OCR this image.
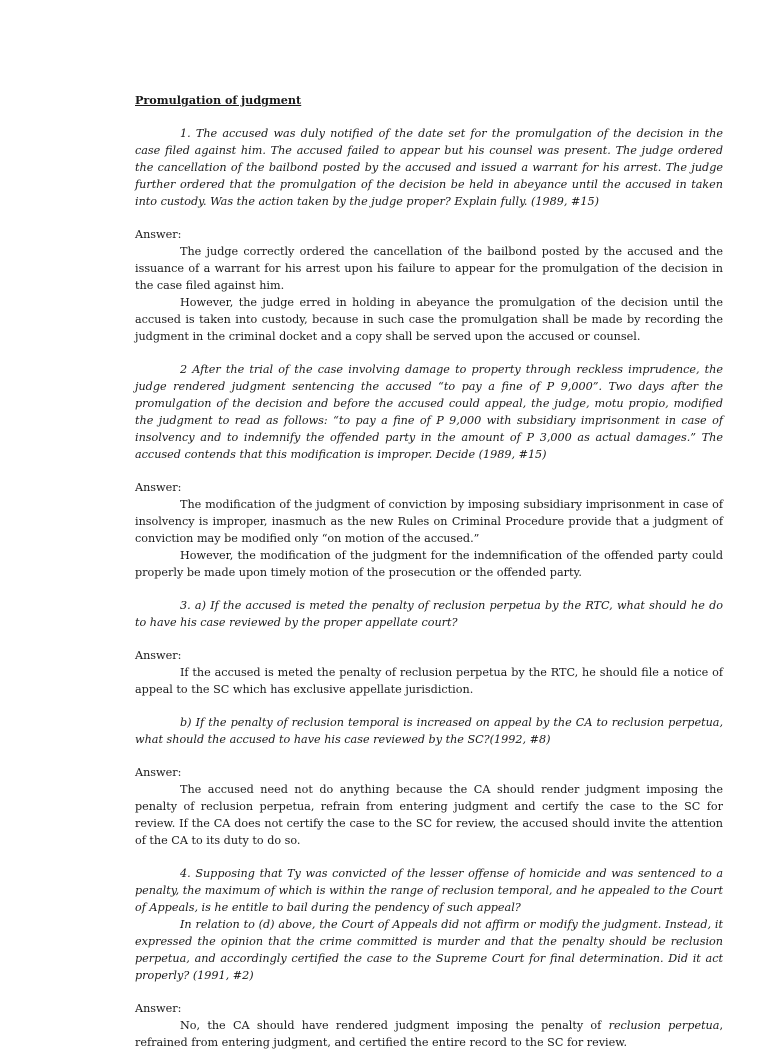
Promulgation of judgment

1. The accused was duly notified of the date set for the promulgation of the decision in the case filed against him. The accused failed to appear but his counsel was present. The judge ordered the cancellation of the bailbond posted by the accused and issued a warrant for his arrest. The judge further ordered that the promulgation of the decision be held in abeyance until the accused in taken into custody. Was the action taken by the judge proper? Explain fully. (1989, #15)

Answer:

The judge correctly ordered the cancellation of the bailbond posted by the accused and the issuance of a warrant for his arrest upon his failure to appear for the promulgation of the decision in the case filed against him.

However, the judge erred in holding in abeyance the promulgation of the decision until the accused is taken into custody, because in such case the promulgation shall be made by recording the judgment in the criminal docket and a copy shall be served upon the accused or counsel.

2 After the trial of the case involving damage to property through reckless imprudence, the judge rendered judgment sentencing the accused “to pay a fine of P 9,000”. Two days after the promulgation of the decision and before the accused could appeal, the judge, motu propio, modified the judgment to read as follows: “to pay a fine of P 9,000 with subsidiary imprisonment in case of insolvency and to indemnify the offended party in the amount of P 3,000 as actual damages.” The accused contends that this modification is improper. Decide (1989, #15)

Answer:

The modification of the judgment of conviction by imposing subsidiary imprisonment in case of insolvency is improper, inasmuch as the new Rules on Criminal Procedure provide that a judgment of conviction may be modified only “on motion of the accused.”

However, the modification of the judgment for the indemnification of the offended party could properly be made upon timely motion of the prosecution or the offended party.

3. a) If the accused is meted the penalty of reclusion perpetua by the RTC, what should he do to have his case reviewed by the proper appellate court?

Answer:

If the accused is meted the penalty of reclusion perpetua by the RTC, he should file a notice of appeal to the SC which has exclusive appellate jurisdiction.

b) If the penalty of reclusion temporal is increased on appeal by the CA to reclusion perpetua, what should the accused to have his case reviewed by the SC?(1992, #8)

Answer:

The accused need not do anything because the CA should render judgment imposing the penalty of reclusion perpetua, refrain from entering judgment and certify the case to the SC for review. If the CA does not certify the case to the SC for review, the accused should invite the attention of the CA to its duty to do so.

4. Supposing that Ty was convicted of the lesser offense of homicide and was sentenced to a penalty, the maximum of which is within the range of reclusion temporal, and he appealed to the Court of Appeals, is he entitle to bail during the pendency of such appeal?

In relation to (d) above, the Court of Appeals did not affirm or modify the judgment. Instead, it expressed the opinion that the crime committed is murder and that the penalty should be reclusion perpetua, and accordingly certified the case to the Supreme Court for final determination. Did it act properly? (1991, #2)

Answer:

No, the CA should have rendered judgment imposing the penalty of reclusion perpetua, refrained from entering judgment, and certified the entire record to the SC for review.
